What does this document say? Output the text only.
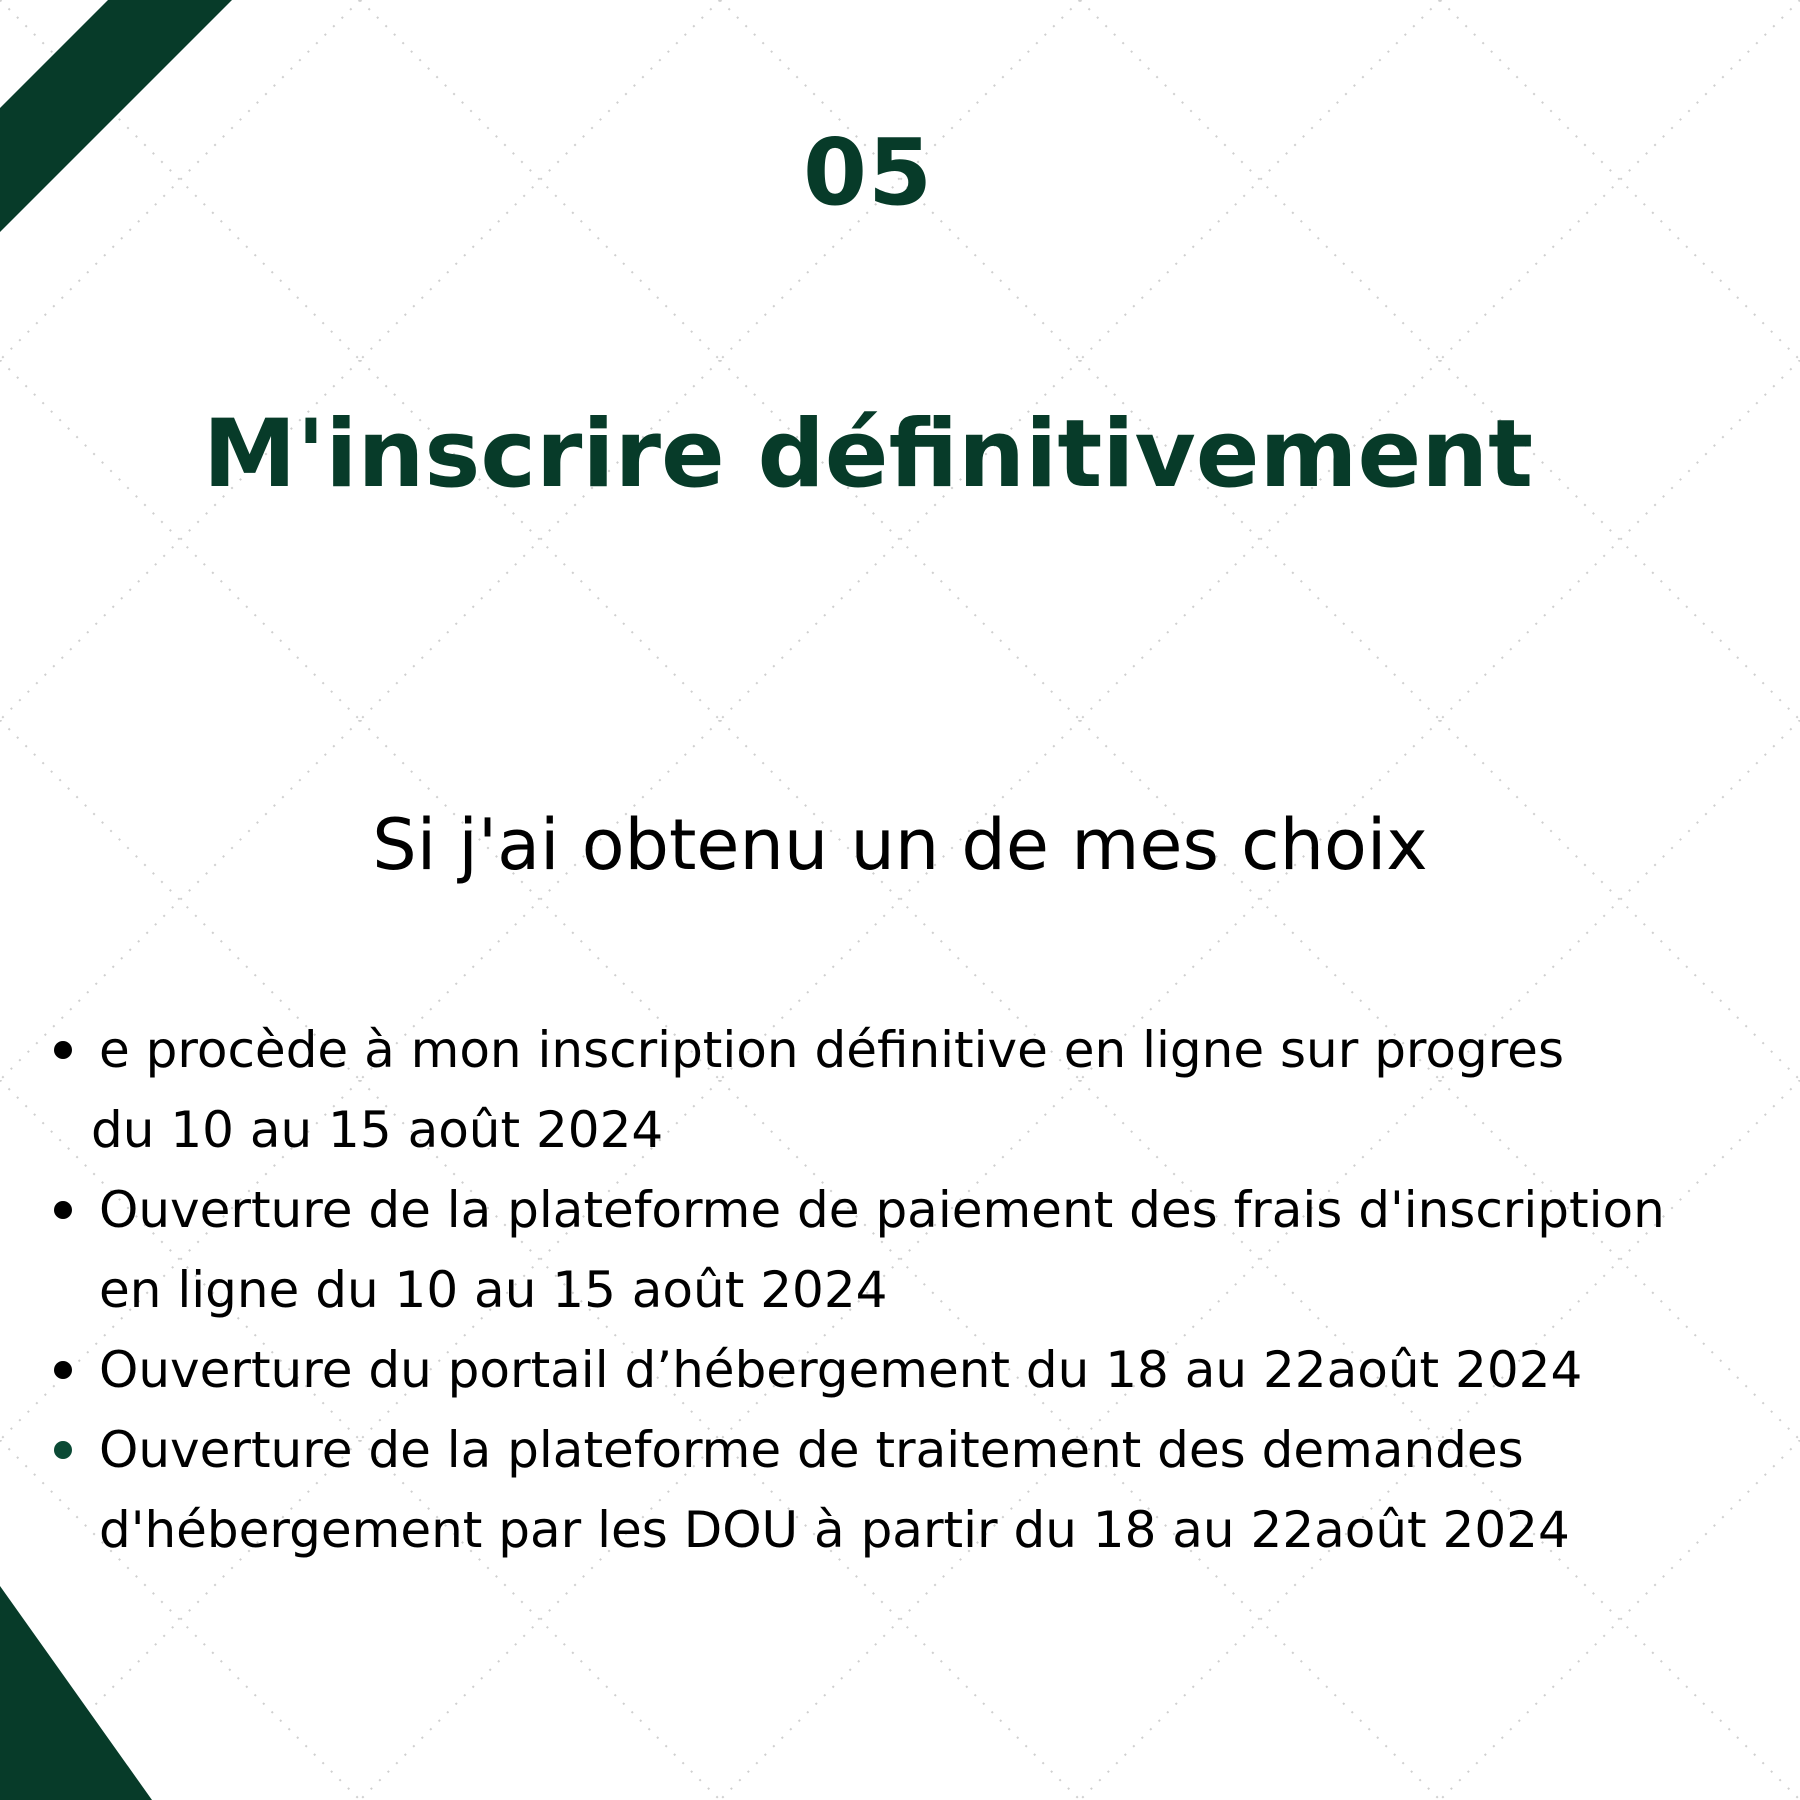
05
M'inscrire définitivement
Si j'ai obtenu un de mes choix
e procède à mon inscription définitive en ligne sur progres
du 10 au 15 août 2024
Ouverture de la plateforme de paiement des frais d'inscription
en ligne du 10 au 15 août 2024
Ouverture du portail d’hébergement du 18 au 22août 2024
Ouverture de la plateforme de traitement des demandes
d'hébergement par les DOU à partir du 18 au 22août 2024
